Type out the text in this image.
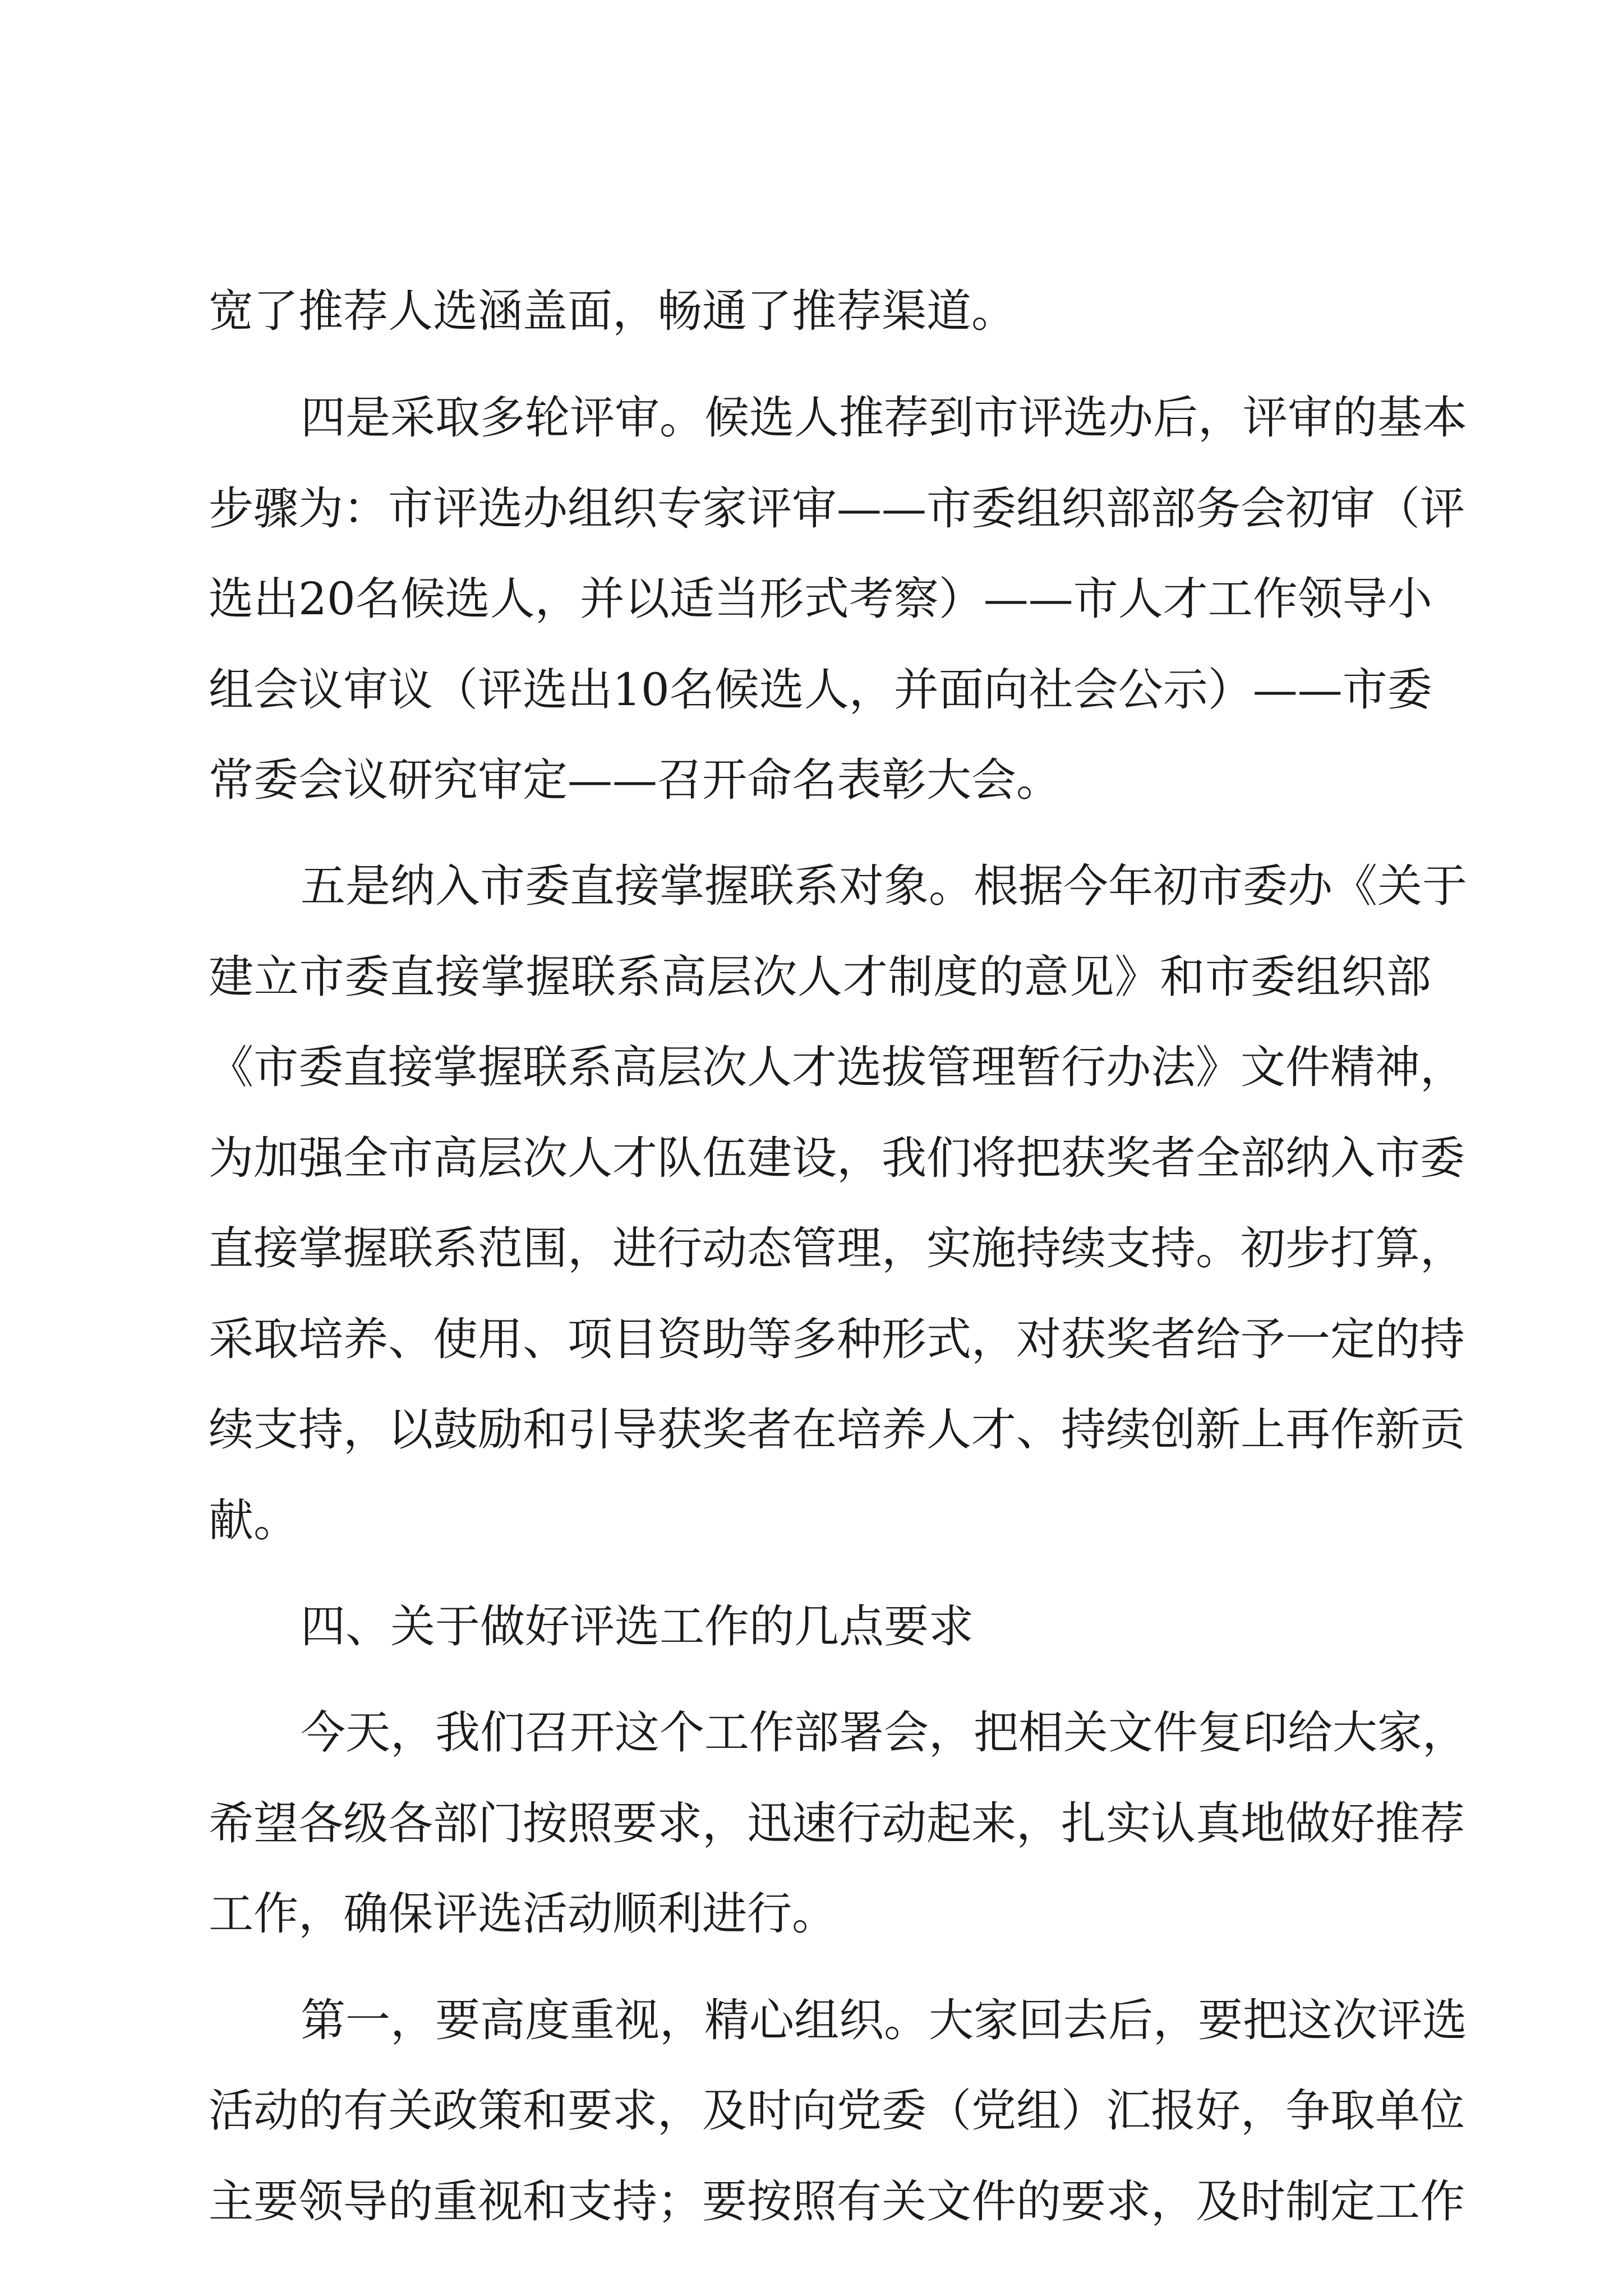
宽了推荐人选涵盖面，畅通了推荐渠道。
四是采取多轮评审。候选人推荐到市评选办后，评审的基本
步骤为：市评选办组织专家评审——市委组织部部务会初审（评
选出20名候选人，并以适当形式考察）——市人才工作领导小
组会议审议（评选出10名候选人，并面向社会公示）——市委
常委会议研究审定——召开命名表彰大会。
五是纳入市委直接掌握联系对象。根据今年初市委办《关于
建立市委直接掌握联系高层次人才制度的意见》和市委组织部
《市委直接掌握联系高层次人才选拔管理暂行办法》文件精神，
为加强全市高层次人才队伍建设，我们将把获奖者全部纳入市委
直接掌握联系范围，进行动态管理，实施持续支持。初步打算，
采取培养、使用、项目资助等多种形式，对获奖者给予一定的持
续支持，以鼓励和引导获奖者在培养人才、持续创新上再作新贡
献。
四、关于做好评选工作的几点要求
今天，我们召开这个工作部署会，把相关文件复印给大家，
希望各级各部门按照要求，迅速行动起来，扎实认真地做好推荐
工作，确保评选活动顺利进行。
第一，要高度重视，精心组织。大家回去后，要把这次评选
活动的有关政策和要求，及时向党委（党组）汇报好，争取单位
主要领导的重视和支持；要按照有关文件的要求，及时制定工作
